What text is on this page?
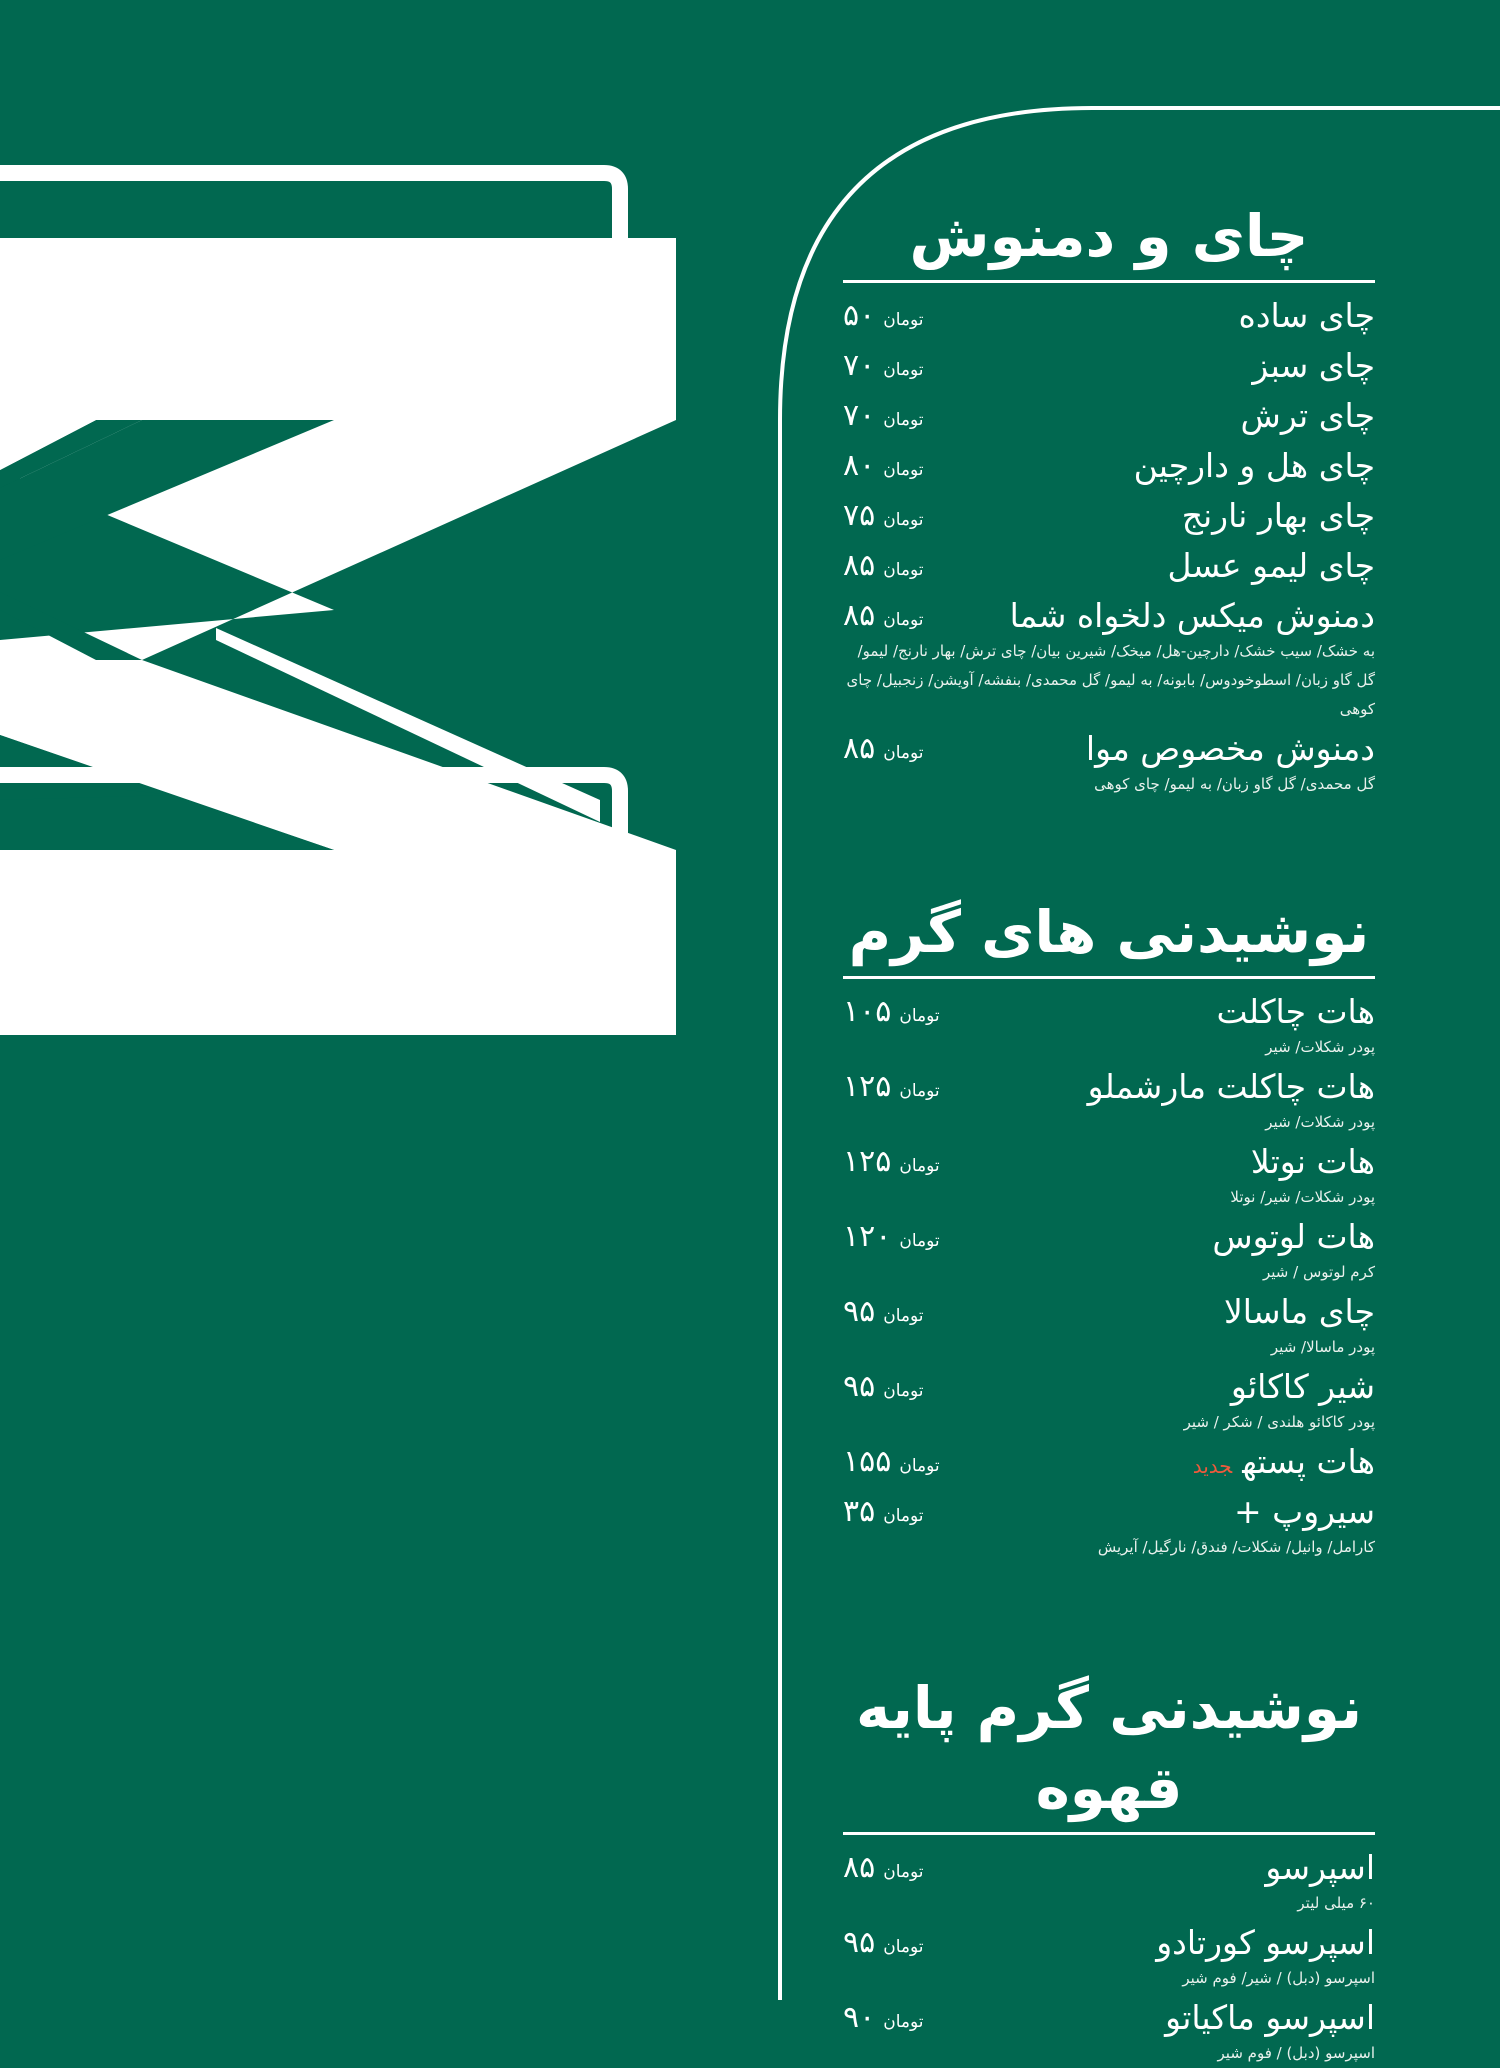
چای و دمنوش
چای ساده
۵۰ تومان
چای سبز
۷۰ تومان
چای ترش
۷۰ تومان
چای هل و دارچین
۸۰ تومان
چای بهار نارنج
۷۵ تومان
چای لیمو عسل
۸۵ تومان
دمنوش میکس دلخواه شما
۸۵ تومان
به خشک/ سیب خشک/ دارچین-هل/ میخک/ شیرین بیان/ چای ترش/ بهار نارنج/ لیمو/ گل گاو زبان/ اسطوخودوس/ بابونه/ به لیمو/ گل محمدی/ بنفشه/ آویشن/ زنجبیل/ چای کوهی
دمنوش مخصوص موا
۸۵ تومان
گل محمدی/ گل گاو زبان/ به لیمو/ چای کوهی
نوشیدنی های گرم
هات چاکلت
۱۰۵ تومان
پودر شکلات/ شیر
هات چاکلت مارشملو
۱۲۵ تومان
پودر شکلات/ شیر
هات نوتلا
۱۲۵ تومان
پودر شکلات/ شیر/ نوتلا
هات لوتوس
۱۲۰ تومان
کرم لوتوس / شیر
چای ماسالا
۹۵ تومان
پودر ماسالا/ شیر
شیر کاکائو
۹۵ تومان
پودر کاکائو هلندی / شکر / شیر
هات پستهجدید
۱۵۵ تومان
سیروپ +
۳۵ تومان
کارامل/ وانیل/ شکلات/ فندق/ نارگیل/ آیریش
نوشیدنی گرم پایه قهوه
اسپرسو
۸۵ تومان
۶۰ میلی لیتر
اسپرسو کورتادو
۹۵ تومان
اسپرسو (دبل) / شیر/ فوم شیر
اسپرسو ماکیاتو
۹۰ تومان
اسپرسو (دبل) / فوم شیر
